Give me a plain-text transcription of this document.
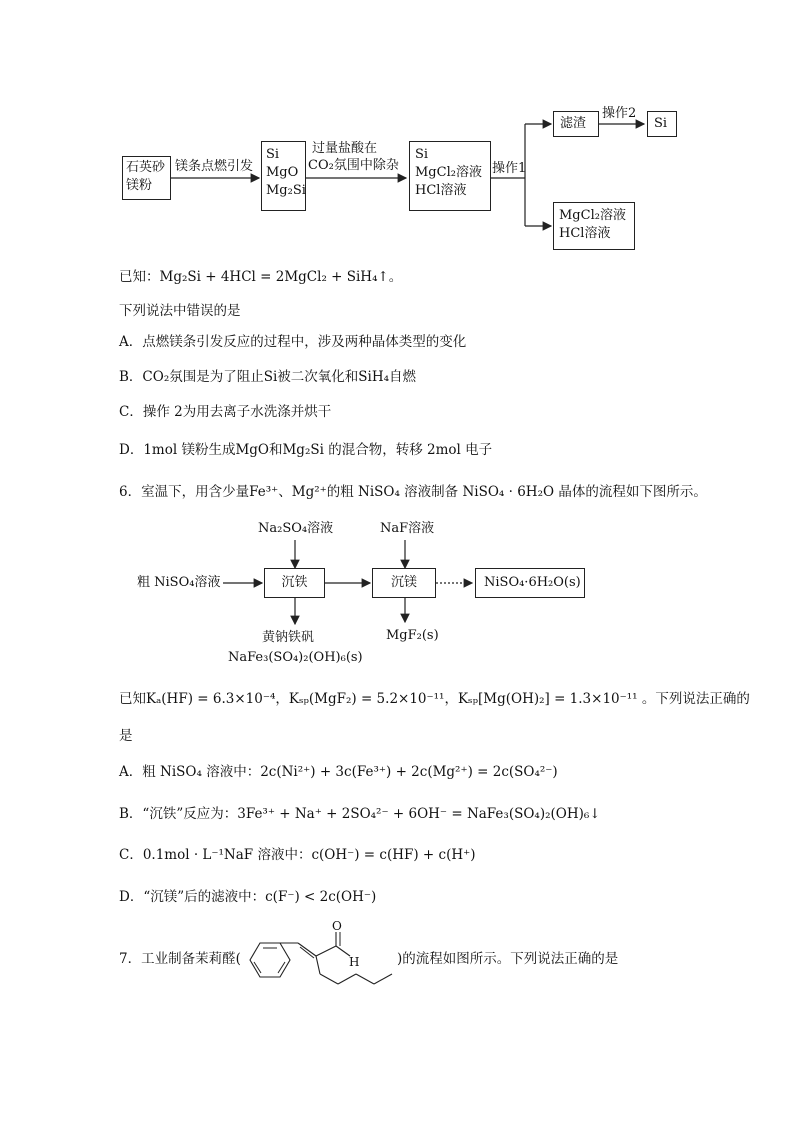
石英砂
镁粉
镁条点燃引发
Si
MgO
Mg₂Si
过量盐酸在
CO₂氛围中除杂
Si
MgCl₂溶液
HCl溶液
操作1
滤渣
操作2
Si
MgCl₂溶液
HCl溶液
已知：Mg₂Si + 4HCl = 2MgCl₂ + SiH₄↑。
下列说法中错误的是
A．点燃镁条引发反应的过程中，涉及两种晶体类型的变化
B．CO₂氛围是为了阻止Si被二次氧化和SiH₄自燃
C．操作 2为用去离子水洗涤并烘干
D．1mol 镁粉生成MgO和Mg₂Si 的混合物，转移 2mol 电子
6．室温下，用含少量Fe³⁺、Mg²⁺的粗 NiSO₄ 溶液制备 NiSO₄ · 6H₂O 晶体的流程如下图所示。
Na₂SO₄溶液	NaF溶液
粗 NiSO₄溶液	沉铁	沉镁	NiSO₄·6H₂O(s)
黄钠铁矾
NaFe₃(SO₄)₂(OH)₆(s)
MgF₂(s)
已知Kₐ(HF) = 6.3×10⁻⁴，Kₛₚ(MgF₂) = 5.2×10⁻¹¹，Kₛₚ[Mg(OH)₂] = 1.3×10⁻¹¹ 。下列说法正确的
是
A．粗 NiSO₄ 溶液中：2c(Ni²⁺) + 3c(Fe³⁺) + 2c(Mg²⁺) = 2c(SO₄²⁻)
B．“沉铁”反应为：3Fe³⁺ + Na⁺ + 2SO₄²⁻ + 6OH⁻ = NaFe₃(SO₄)₂(OH)₆↓
C．0.1mol · L⁻¹NaF 溶液中：c(OH⁻) = c(HF) + c(H⁺)
D．“沉镁”后的滤液中：c(F⁻) < 2c(OH⁻)
7．工业制备茉莉醛(
O
H	)的流程如图所示。下列说法正确的是
